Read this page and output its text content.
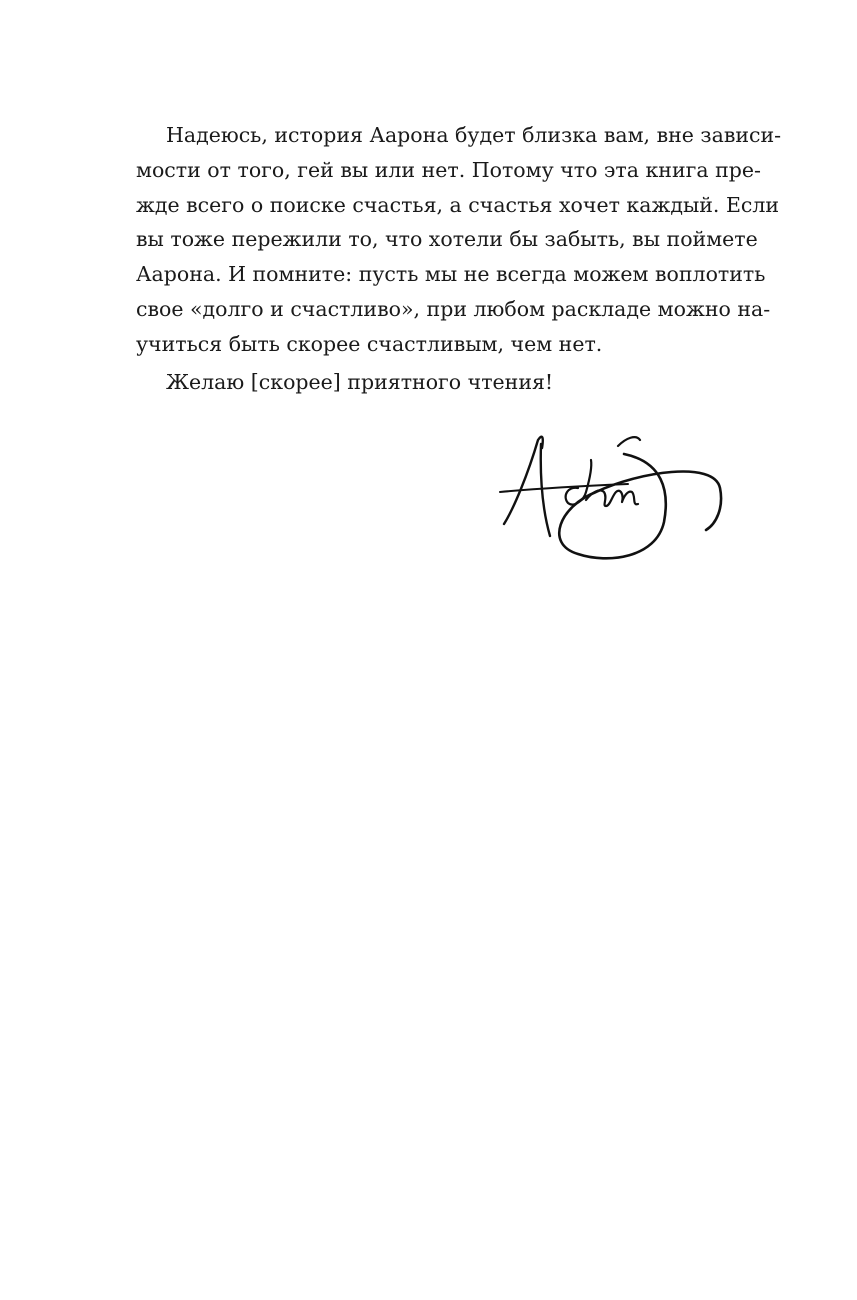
Надеюсь, история Аарона будет близка вам, вне зависи-
мости от того, гей вы или нет. Потому что эта книга пре-
жде всего о поиске счастья, а счастья хочет каждый. Если
вы тоже пережили то, что хотели бы забыть, вы поймете
Аарона. И помните: пусть мы не всегда можем воплотить
свое «долго и счастливо», при любом раскладе можно на-
учиться быть скорее счастливым, чем нет.
Желаю [скорее] приятного чтения!
